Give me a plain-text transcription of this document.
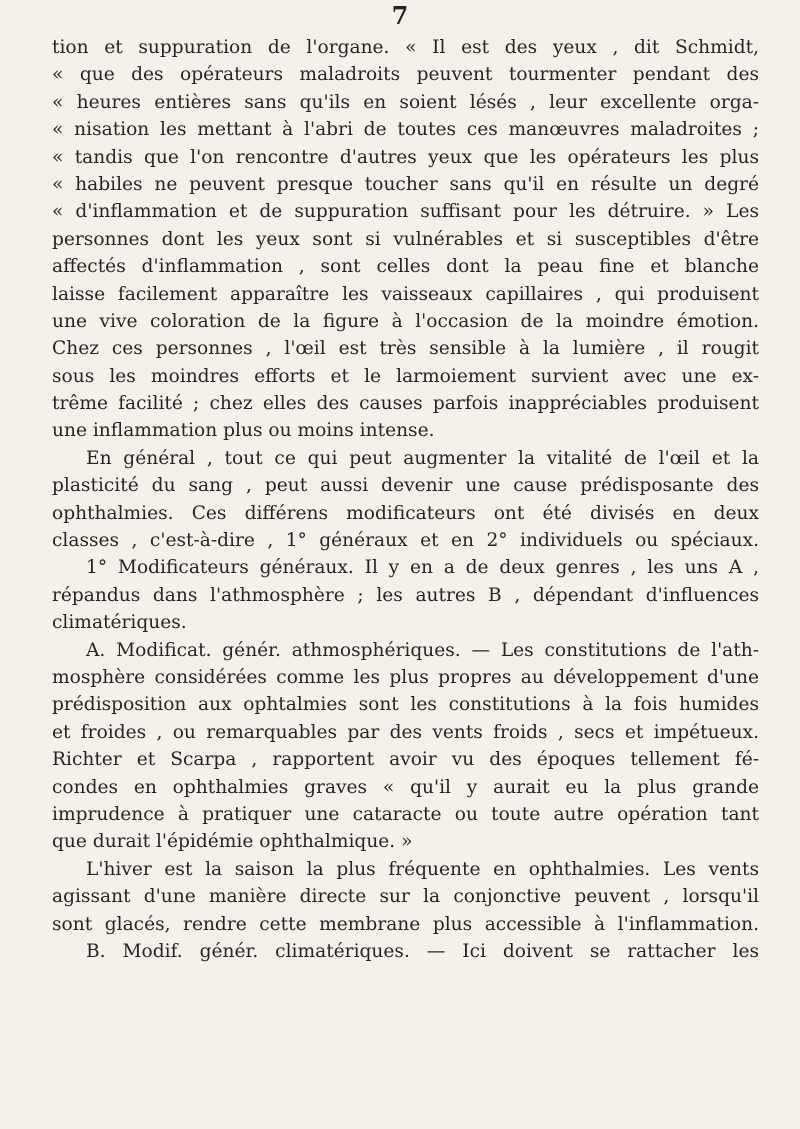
7
tion et suppuration de l'organe. « Il est des yeux , dit Schmidt,
« que des opérateurs maladroits peuvent tourmenter pendant des
« heures entières sans qu'ils en soient lésés , leur excellente orga-
« nisation les mettant à l'abri de toutes ces manœuvres maladroites ;
« tandis que l'on rencontre d'autres yeux que les opérateurs les plus
« habiles ne peuvent presque toucher sans qu'il en résulte un degré
« d'inflammation et de suppuration suffisant pour les détruire. » Les
personnes dont les yeux sont si vulnérables et si susceptibles d'être
affectés d'inflammation , sont celles dont la peau fine et blanche
laisse facilement apparaître les vaisseaux capillaires , qui produisent
une vive coloration de la figure à l'occasion de la moindre émotion.
Chez ces personnes , l'œil est très sensible à la lumière , il rougit
sous les moindres efforts et le larmoiement survient avec une ex-
trême facilité ; chez elles des causes parfois inappréciables produisent
une inflammation plus ou moins intense.
En général , tout ce qui peut augmenter la vitalité de l'œil et la
plasticité du sang , peut aussi devenir une cause prédisposante des
ophthalmies. Ces différens modificateurs ont été divisés en deux
classes , c'est-à-dire , 1° généraux et en 2° individuels ou spéciaux.
1° Modificateurs généraux. Il y en a de deux genres , les uns A ,
répandus dans l'athmosphère ; les autres B , dépendant d'influences
climatériques.
A. Modificat. génér. athmosphériques. — Les constitutions de l'ath-
mosphère considérées comme les plus propres au développement d'une
prédisposition aux ophtalmies sont les constitutions à la fois humides
et froides , ou remarquables par des vents froids , secs et impétueux.
Richter et Scarpa , rapportent avoir vu des époques tellement fé-
condes en ophthalmies graves « qu'il y aurait eu la plus grande
imprudence à pratiquer une cataracte ou toute autre opération tant
que durait l'épidémie ophthalmique. »
L'hiver est la saison la plus fréquente en ophthalmies. Les vents
agissant d'une manière directe sur la conjonctive peuvent , lorsqu'il
sont glacés, rendre cette membrane plus accessible à l'inflammation.
B. Modif. génér. climatériques. — Ici doivent se rattacher les
